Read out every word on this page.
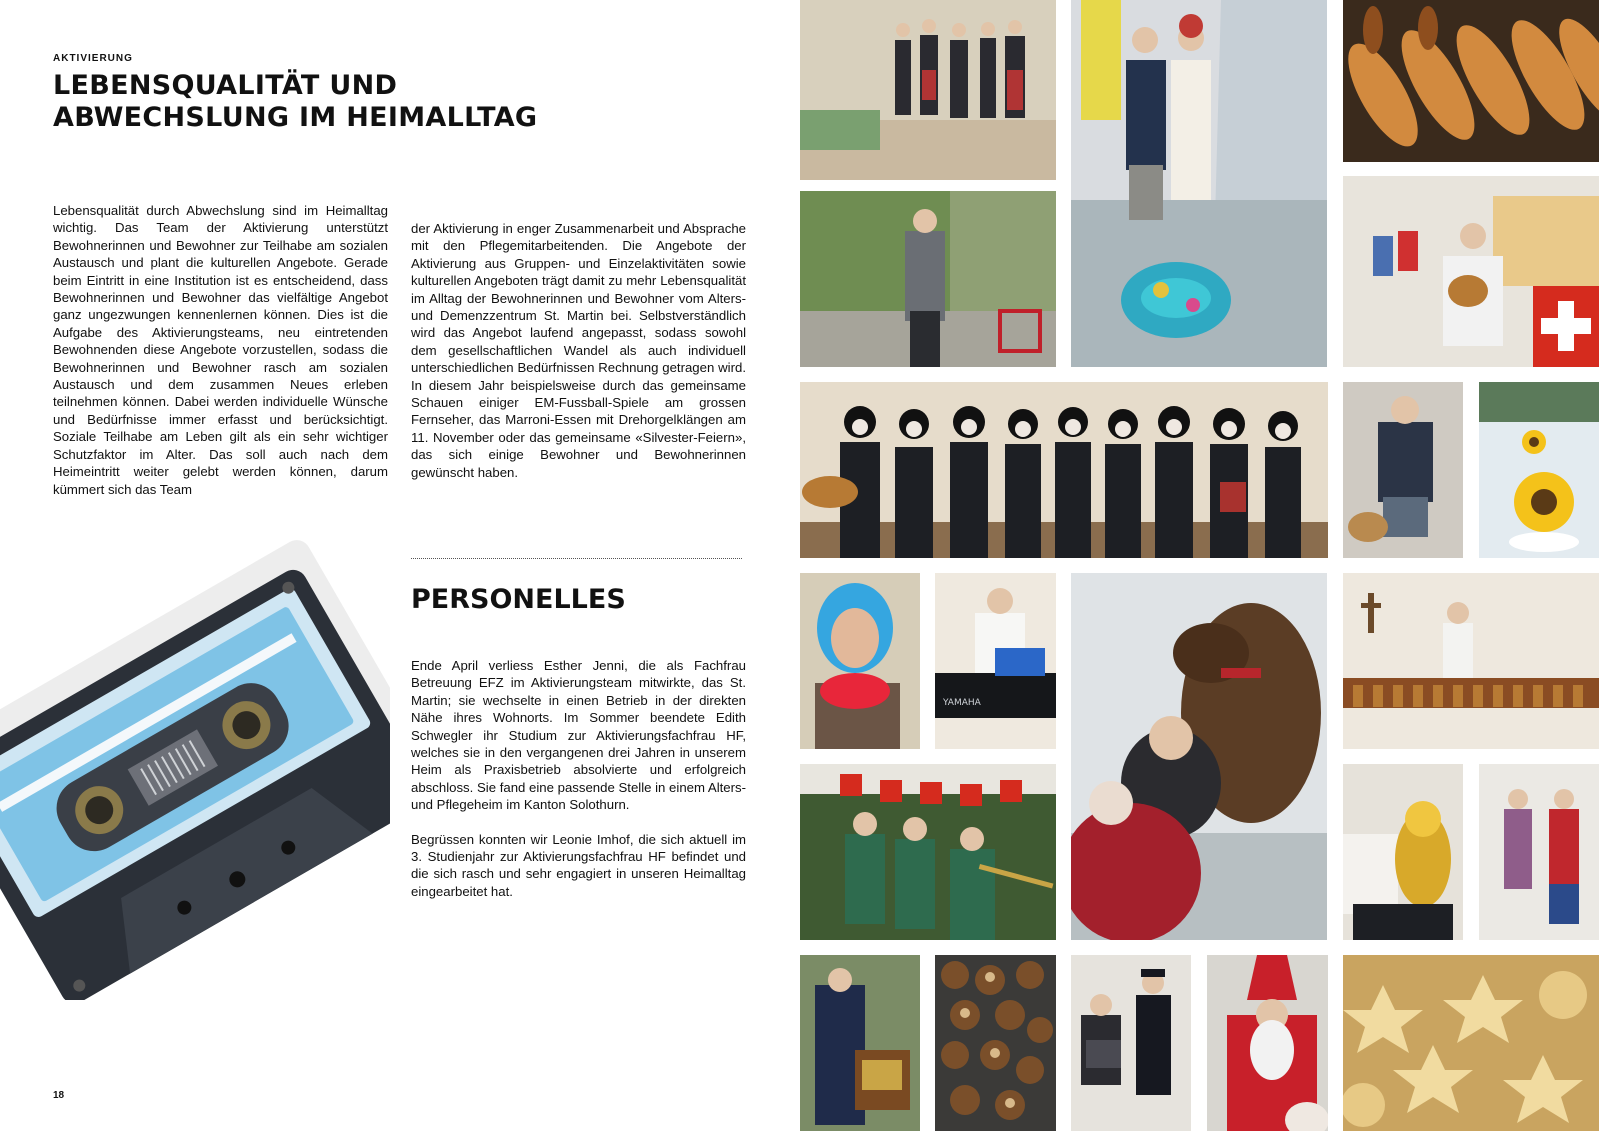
AKTIVIERUNG
LEBENSQUALITÄT UND
ABWECHSLUNG IM HEIMALLTAG

Lebensqualität durch Abwechslung sind im Heimalltag wichtig. Das Team der Aktivierung unterstützt Bewohnerinnen und Bewohner zur Teilhabe am sozialen Austausch und plant die kulturellen Angebote. Gerade beim Eintritt in eine Institution ist es entscheidend, dass Bewohnerinnen und Bewohner das vielfältige Angebot ganz ungezwungen kennenlernen können. Dies ist die Aufgabe des Aktivierungsteams, neu eintretenden Bewohnenden diese Angebote vorzustellen, sodass die Bewohnerinnen und Bewohner rasch am sozialen Austausch und dem zusammen Neues erleben teilnehmen können. Dabei werden individuelle Wünsche und Bedürfnisse immer erfasst und berücksichtigt. Soziale Teilhabe am Leben gilt als ein sehr wichtiger Schutzfaktor im Alter. Das soll auch nach dem Heimeintritt weiter gelebt werden können, darum kümmert sich das Team

der Aktivierung in enger Zusammenarbeit und Absprache mit den Pflegemitarbeitenden. Die Angebote der Aktivierung aus Gruppen- und Einzelaktivitäten sowie kulturellen Angeboten trägt damit zu mehr Lebensqualität im Alltag der Bewohnerinnen und Bewohner vom Alters- und Demenzzentrum St. Martin bei. Selbstverständlich wird das Angebot laufend angepasst, sodass sowohl dem gesellschaftlichen Wandel als auch individuell unterschiedlichen Bedürfnissen Rechnung getragen wird. In diesem Jahr beispielsweise durch das gemeinsame Schauen einiger EM-Fussball-Spiele am grossen Fernseher, das Marroni-Essen mit Drehorgelklängen am 11. November oder das gemeinsame «Silvester-Feiern», das sich einige Bewohner und Bewohnerinnen gewünscht haben.

PERSONELLES

Ende April verliess Esther Jenni, die als Fachfrau Betreuung EFZ im Aktivierungsteam mitwirkte, das St. Martin; sie wechselte in einen Betrieb in der direkten Nähe ihres Wohnorts. Im Sommer beendete Edith Schwegler ihr Studium zur Aktivierungsfachfrau HF, welches sie in den vergangenen drei Jahren in unserem Heim als Praxisbetrieb absolvierte und erfolgreich abschloss. Sie fand eine passende Stelle in einem Alters- und Pflegeheim im Kanton Solothurn.

Begrüssen konnten wir Leonie Imhof, die sich aktuell im 3. Studienjahr zur Aktivierungsfachfrau HF befindet und die sich rasch und sehr engagiert in unseren Heimalltag eingearbeitet hat.

18
YAMAHA
